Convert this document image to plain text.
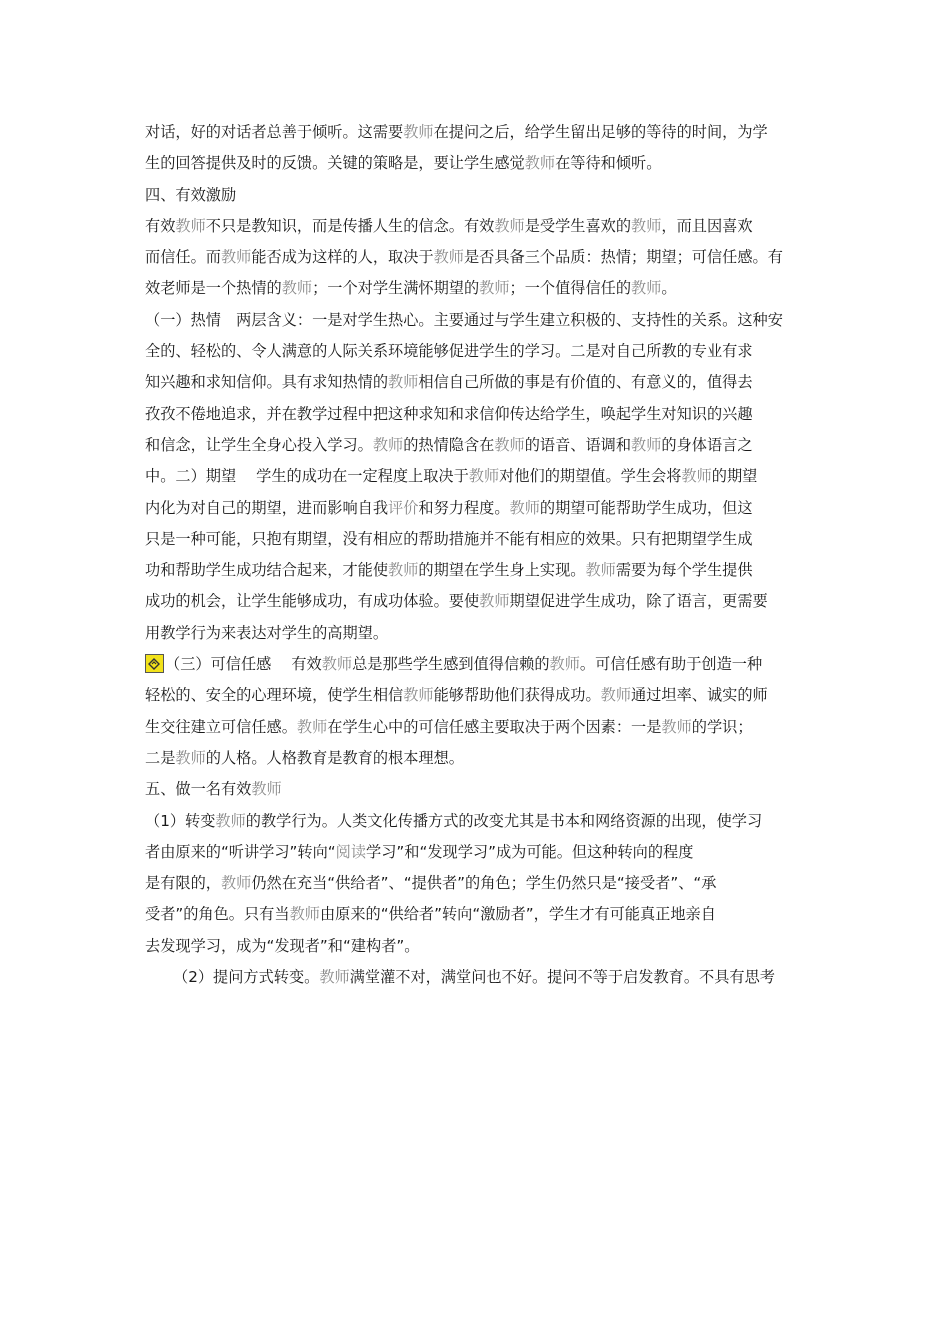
对话，好的对话者总善于倾听。这需要教师在提问之后，给学生留出足够的等待的时间，为学
生的回答提供及时的反馈。关键的策略是，要让学生感觉教师在等待和倾听。
四、有效激励
有效教师不只是教知识，而是传播人生的信念。有效教师是受学生喜欢的教师，而且因喜欢
而信任。而教师能否成为这样的人，取决于教师是否具备三个品质：热情；期望；可信任感。有
效老师是一个热情的教师；一个对学生满怀期望的教师；一个值得信任的教师。
（一）热情　两层含义：一是对学生热心。主要通过与学生建立积极的、支持性的关系。这种安
全的、轻松的、令人满意的人际关系环境能够促进学生的学习。二是对自己所教的专业有求
知兴趣和求知信仰。具有求知热情的教师相信自己所做的事是有价值的、有意义的，值得去
孜孜不倦地追求，并在教学过程中把这种求知和求信仰传达给学生，唤起学生对知识的兴趣
和信念，让学生全身心投入学习。教师的热情隐含在教师的语音、语调和教师的身体语言之
中。二）期望　 学生的成功在一定程度上取决于教师对他们的期望值。学生会将教师的期望
内化为对自己的期望，进而影响自我评价和努力程度。教师的期望可能帮助学生成功，但这
只是一种可能，只抱有期望，没有相应的帮助措施并不能有相应的效果。只有把期望学生成
功和帮助学生成功结合起来，才能使教师的期望在学生身上实现。教师需要为每个学生提供
成功的机会，让学生能够成功，有成功体验。要使教师期望促进学生成功，除了语言，更需要
用教学行为来表达对学生的高期望。
（三）可信任感　 有效教师总是那些学生感到值得信赖的教师。可信任感有助于创造一种
轻松的、安全的心理环境，使学生相信教师能够帮助他们获得成功。教师通过坦率、诚实的师
生交往建立可信任感。教师在学生心中的可信任感主要取决于两个因素：一是教师的学识；
二是教师的人格。人格教育是教育的根本理想。
五、做一名有效教师
（1）转变教师的教学行为。人类文化传播方式的改变尤其是书本和网络资源的出现，使学习
者由原来的“听讲学习”转向“阅读学习”和“发现学习”成为可能。但这种转向的程度
是有限的，教师仍然在充当“供给者”、“提供者”的角色；学生仍然只是“接受者”、“承
受者”的角色。只有当教师由原来的“供给者”转向“激励者”，学生才有可能真正地亲自
去发现学习，成为“发现者”和“建构者”。
（2）提问方式转变。教师满堂灌不对，满堂问也不好。提问不等于启发教育。不具有思考
